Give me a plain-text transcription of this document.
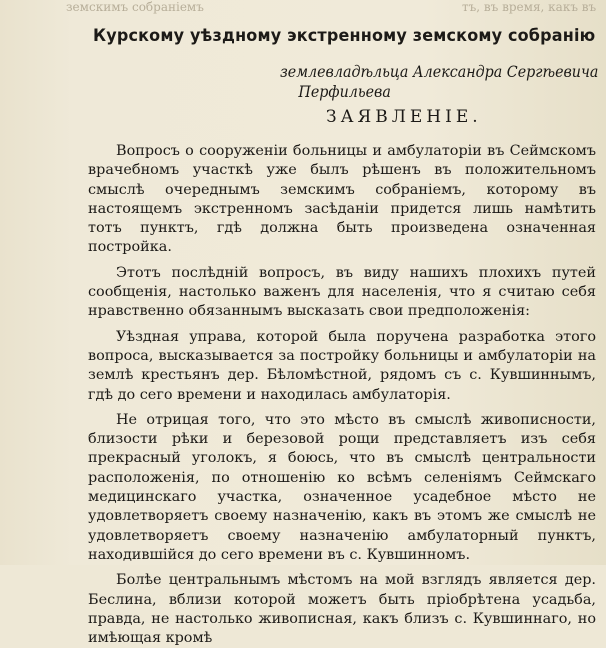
земскимъ собраніемъ	тъ, въ время, какъ въ
Курскому уѣздному экстренному земскому собранію
землевладѣльца Александра Сергѣевича
Перфильева
ЗАЯВЛЕНІЕ.

Вопросъ о сооруженіи больницы и амбулаторіи въ Сеймскомъ врачебномъ участкѣ уже былъ рѣшенъ въ положительномъ смыслѣ очереднымъ земскимъ собраніемъ, которому въ настоящемъ экстренномъ засѣданіи придется лишь намѣтить тотъ пунктъ, гдѣ должна быть произведена означенная постройка.

Этотъ послѣдній вопросъ, въ виду нашихъ плохихъ путей сообщенія, настолько важенъ для населенія, что я считаю себя нравственно обязаннымъ высказать свои предположенія:

Уѣздная управа, которой была поручена разработка этого вопроса, высказывается за постройку больницы и амбулаторіи на землѣ крестьянъ дер. Бѣломѣстной, рядомъ съ с. Кувшиннымъ, гдѣ до сего времени и находилась амбулаторія.

Не отрицая того, что это мѣсто въ смыслѣ живописности, близости рѣки и березовой рощи представляетъ изъ себя прекрасный уголокъ, я боюсь, что въ смыслѣ центральности расположенія, по отношенію ко всѣмъ селеніямъ Сеймскаго медицинскаго участка, означенное усадебное мѣсто не удовлетворяетъ своему назначенію, какъ въ этомъ же смыслѣ не удовлетворяетъ своему назначенію амбулаторный пунктъ, находившійся до сего времени въ с. Кувшинномъ.

Болѣе центральнымъ мѣстомъ на мой взглядъ является дер. Беслина, вблизи которой можетъ быть пріобрѣтена усадьба, правда, не настолько живописная, какъ близъ с. Кувшиннаго, но имѣющая кромѣ
